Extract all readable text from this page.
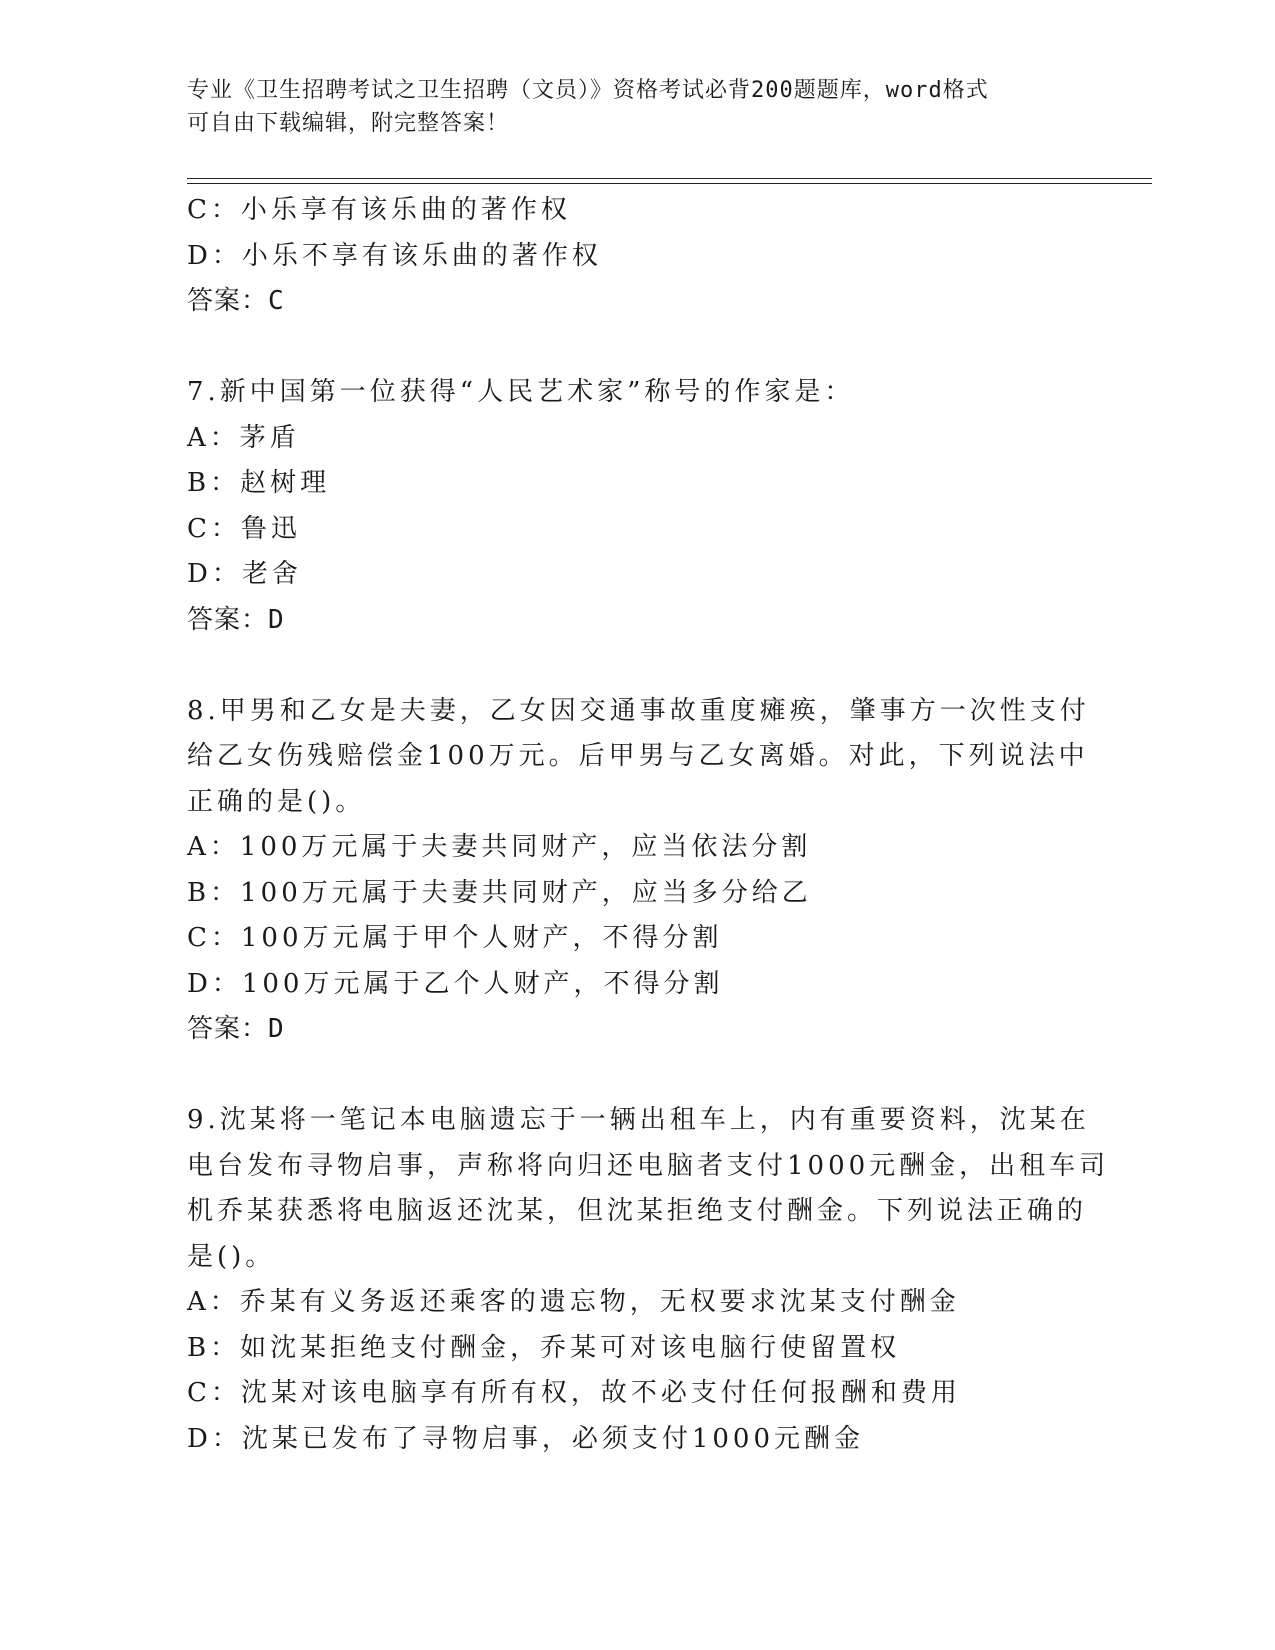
专业《卫生招聘考试之卫生招聘（文员）》资格考试必背200题题库，word格式
可自由下载编辑，附完整答案！
C：小乐享有该乐曲的著作权
D：小乐不享有该乐曲的著作权
答案：C
7.新中国第一位获得“人民艺术家”称号的作家是：
A：茅盾
B：赵树理
C：鲁迅
D：老舍
答案：D
8.甲男和乙女是夫妻，乙女因交通事故重度瘫痪，肇事方一次性支付
给乙女伤残赔偿金100万元。后甲男与乙女离婚。对此，下列说法中
正确的是()。
A：100万元属于夫妻共同财产，应当依法分割
B：100万元属于夫妻共同财产，应当多分给乙
C：100万元属于甲个人财产，不得分割
D：100万元属于乙个人财产，不得分割
答案：D
9.沈某将一笔记本电脑遗忘于一辆出租车上，内有重要资料，沈某在
电台发布寻物启事，声称将向归还电脑者支付1000元酬金，出租车司
机乔某获悉将电脑返还沈某，但沈某拒绝支付酬金。下列说法正确的
是()。
A：乔某有义务返还乘客的遗忘物，无权要求沈某支付酬金
B：如沈某拒绝支付酬金，乔某可对该电脑行使留置权
C：沈某对该电脑享有所有权，故不必支付任何报酬和费用
D：沈某已发布了寻物启事，必须支付1000元酬金
